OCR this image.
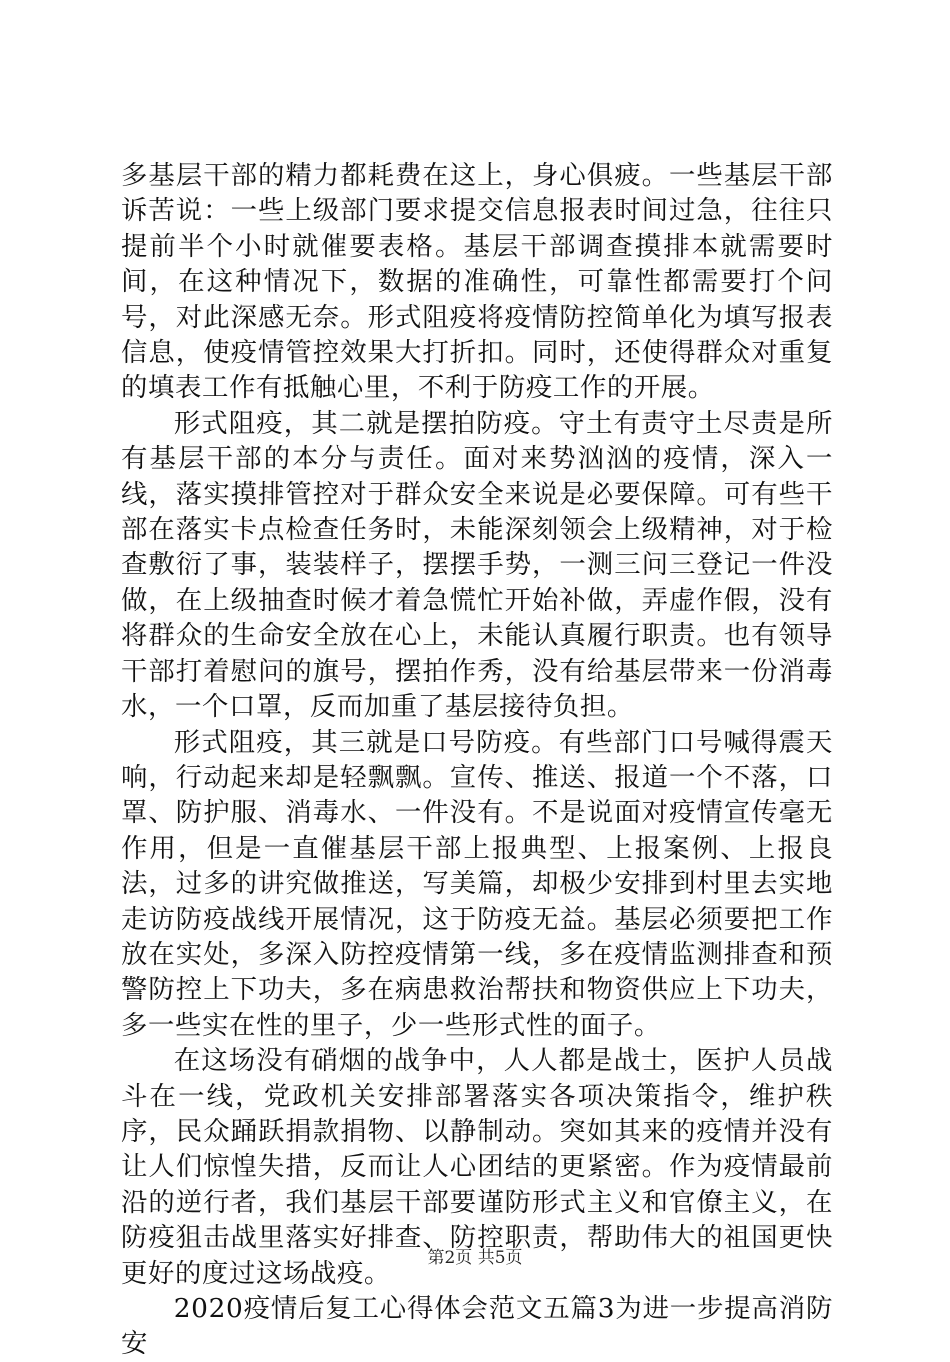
多基层干部的精力都耗费在这上，身心俱疲。一些基层干部诉苦说：一些上级部门要求提交信息报表时间过急，往往只提前半个小时就催要表格。基层干部调查摸排本就需要时间，在这种情况下，数据的准确性，可靠性都需要打个问号，对此深感无奈。形式阻疫将疫情防控简单化为填写报表信息，使疫情管控效果大打折扣。同时，还使得群众对重复的填表工作有抵触心里，不利于防疫工作的开展。

形式阻疫，其二就是摆拍防疫。守土有责守土尽责是所有基层干部的本分与责任。面对来势汹汹的疫情，深入一线，落实摸排管控对于群众安全来说是必要保障。可有些干部在落实卡点检查任务时，未能深刻领会上级精神，对于检查敷衍了事，装装样子，摆摆手势，一测三问三登记一件没做，在上级抽查时候才着急慌忙开始补做，弄虚作假，没有将群众的生命安全放在心上，未能认真履行职责。也有领导干部打着慰问的旗号，摆拍作秀，没有给基层带来一份消毒水，一个口罩，反而加重了基层接待负担。

形式阻疫，其三就是口号防疫。有些部门口号喊得震天响，行动起来却是轻飘飘。宣传、推送、报道一个不落，口罩、防护服、消毒水、一件没有。不是说面对疫情宣传毫无作用，但是一直催基层干部上报典型、上报案例、上报良法，过多的讲究做推送，写美篇，却极少安排到村里去实地走访防疫战线开展情况，这于防疫无益。基层必须要把工作放在实处，多深入防控疫情第一线，多在疫情监测排查和预警防控上下功夫，多在病患救治帮扶和物资供应上下功夫，多一些实在性的里子，少一些形式性的面子。

在这场没有硝烟的战争中，人人都是战士，医护人员战斗在一线，党政机关安排部署落实各项决策指令，维护秩序，民众踊跃捐款捐物、以静制动。突如其来的疫情并没有让人们惊惶失措，反而让人心团结的更紧密。作为疫情最前沿的逆行者，我们基层干部要谨防形式主义和官僚主义，在防疫狙击战里落实好排查、防控职责，帮助伟大的祖国更快更好的度过这场战疫。

2020疫情后复工心得体会范文五篇3为进一步提高消防安

第2页 共5页
